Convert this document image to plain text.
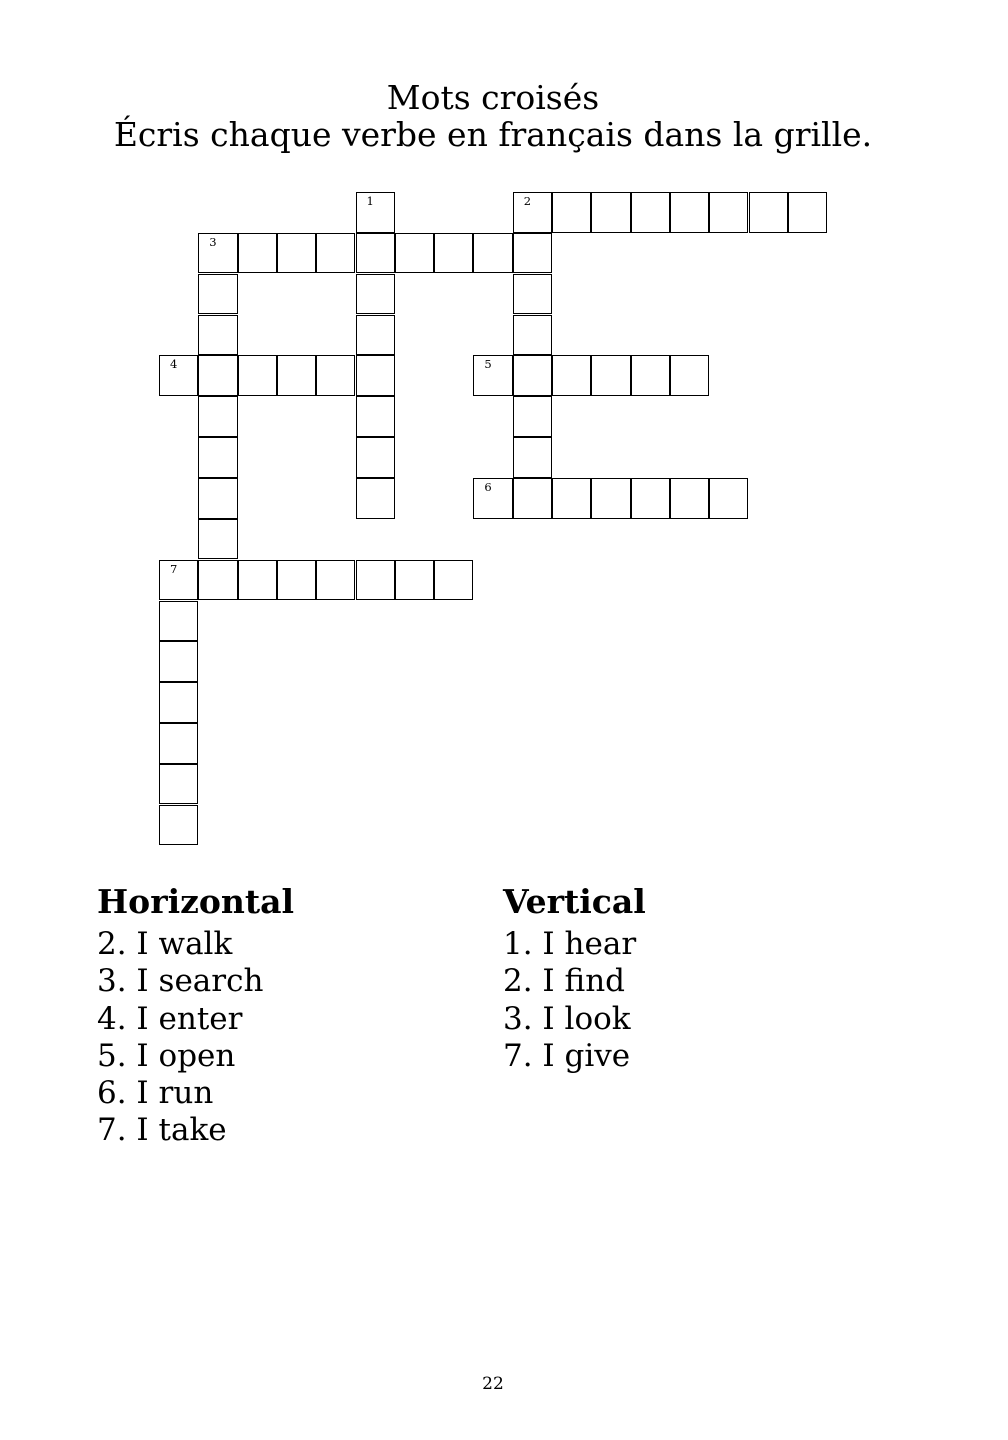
Mots croisés
Écris chaque verbe en français dans la grille.
1	2
3
4	5
6
7
Horizontal
2. I walk
3. I search
4. I enter
5. I open
6. I run
7. I take
Vertical
1. I hear
2. I find
3. I look
7. I give
22
